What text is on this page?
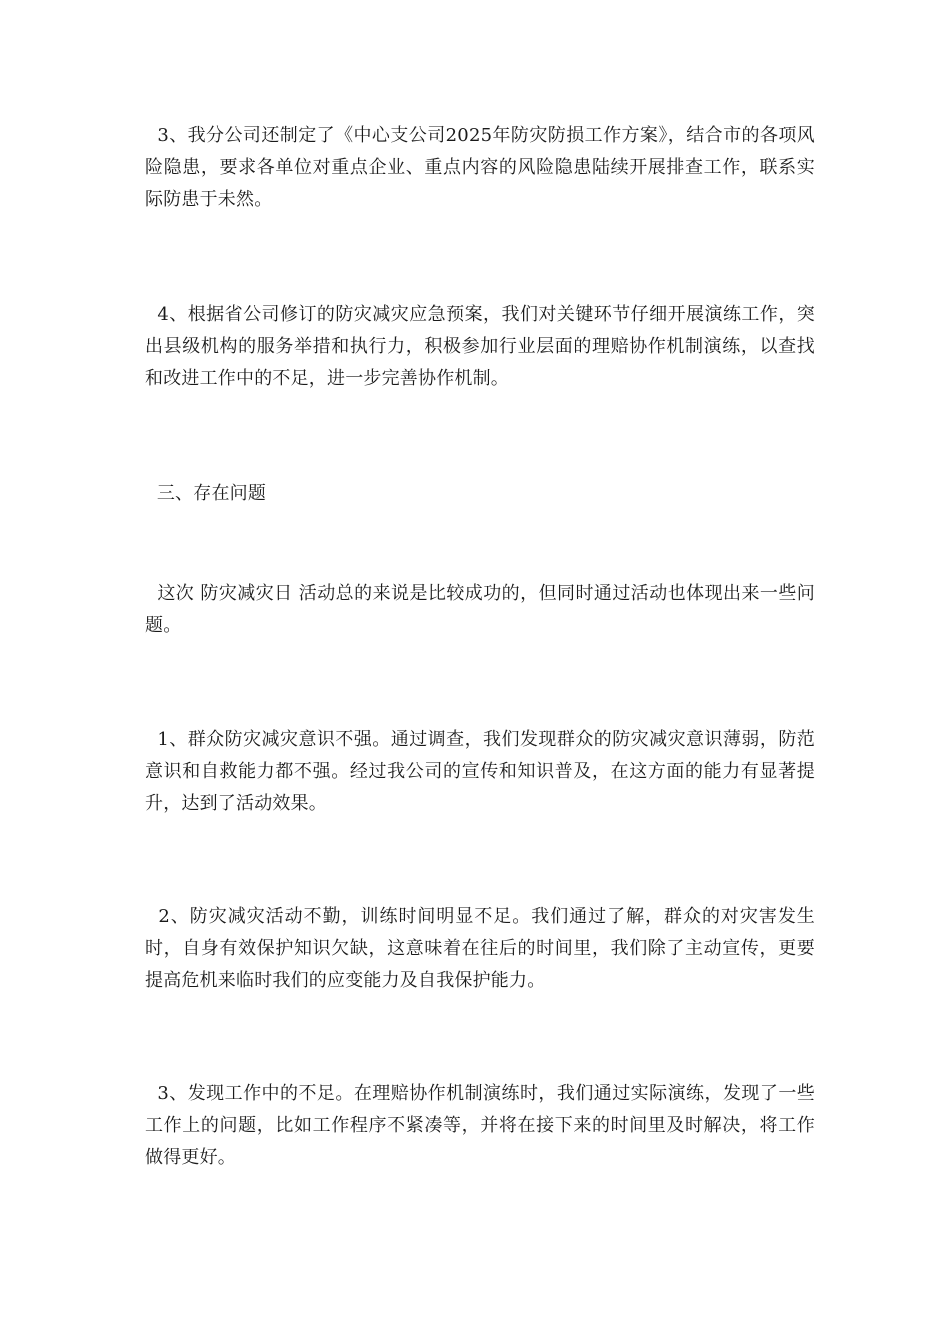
3、我分公司还制定了《中心支公司2025年防灾防损工作方案》，结合市的各项风险隐患，要求各单位对重点企业、重点内容的风险隐患陆续开展排查工作，联系实际防患于未然。

4、根据省公司修订的防灾减灾应急预案，我们对关键环节仔细开展演练工作，突出县级机构的服务举措和执行力，积极参加行业层面的理赔协作机制演练，以查找和改进工作中的不足，进一步完善协作机制。

三、存在问题

这次 防灾减灾日 活动总的来说是比较成功的，但同时通过活动也体现出来一些问题。

1、群众防灾减灾意识不强。通过调查，我们发现群众的防灾减灾意识薄弱，防范意识和自救能力都不强。经过我公司的宣传和知识普及，在这方面的能力有显著提升，达到了活动效果。

2、防灾减灾活动不勤，训练时间明显不足。我们通过了解，群众的对灾害发生时，自身有效保护知识欠缺，这意味着在往后的时间里，我们除了主动宣传，更要提高危机来临时我们的应变能力及自我保护能力。

3、发现工作中的不足。在理赔协作机制演练时，我们通过实际演练，发现了一些工作上的问题，比如工作程序不紧凑等，并将在接下来的时间里及时解决，将工作做得更好。
